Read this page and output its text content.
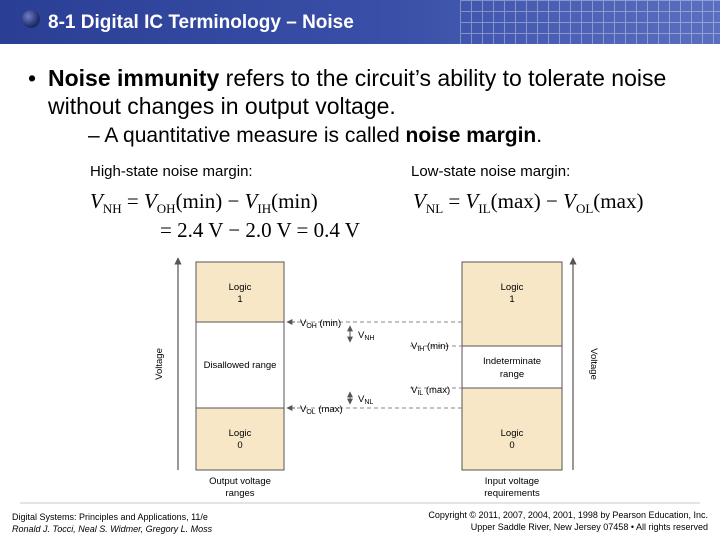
8-1 Digital IC Terminology – Noise
• Noise immunity refers to the circuit’s ability to tolerate noise without changes in output voltage.
– A quantitative measure is called noise margin.
High-state noise margin:	Low-state noise margin:
$V_{NH} = V_{OH}(\min) - V_{IH}(\min)$
= 2.4 V − 2.0 V = 0.4 V
$V_{NL} = V_{IL}(\max) - V_{OL}(\max)$
Logic
1
Disallowed range
Logic
0
Output voltage
ranges
Logic
1
Indeterminate
range
Logic
0
Input voltage
requirements
Voltage	Voltage
$V_{OH}$ (min)
$V_{OL}$ (max)
$V_{IH}$ (min)
$V_{IL}$ (max)
$V_{NH}$
$V_{NL}$
Digital Systems: Principles and Applications, 11/e
Ronald J. Tocci, Neal S. Widmer, Gregory L. Moss
Copyright © 2011, 2007, 2004, 2001, 1998 by Pearson Education, Inc.
Upper Saddle River, New Jersey 07458 • All rights reserved
